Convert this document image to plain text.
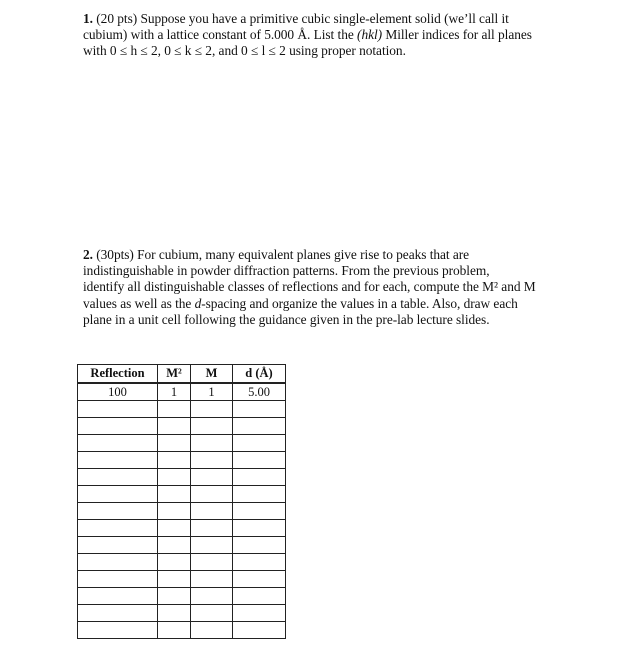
1. (20 pts) Suppose you have a primitive cubic single-element solid (we’ll call it
cubium) with a lattice constant of 5.000 Å. List the (hkl) Miller indices for all planes
with 0 ≤ h ≤ 2, 0 ≤ k ≤ 2, and 0 ≤ l ≤ 2 using proper notation.
2. (30pts) For cubium, many equivalent planes give rise to peaks that are
indistinguishable in powder diffraction patterns. From the previous problem,
identify all distinguishable classes of reflections and for each, compute the M² and M
values as well as the d-spacing and organize the values in a table. Also, draw each
plane in a unit cell following the guidance given in the pre-lab lecture slides.
Reflection	M²	M	d (Å)
100	1	1	5.00
